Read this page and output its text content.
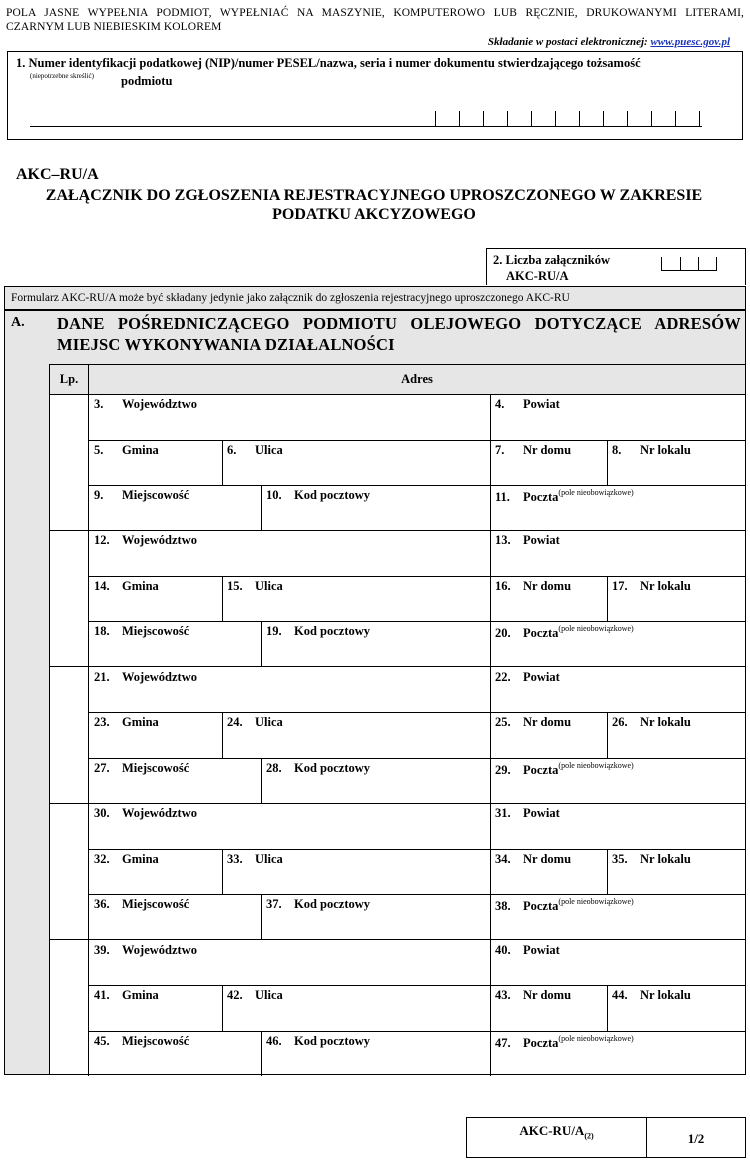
POLA JASNE WYPEŁNIA PODMIOT, WYPEŁNIAĆ NA MASZYNIE, KOMPUTEROWO LUB RĘCZNIE, DRUKOWANYMI LITERAMI, CZARNYM LUB NIEBIESKIM KOLOREM
Składanie w postaci elektronicznej: www.puesc.gov.pl
1. Numer identyfikacji podatkowej (NIP)/numer PESEL/nazwa, seria i numer dokumentu stwierdzającego tożsamość
(niepotrzebne skreślić) podmiotu
AKC–RU/A
ZAŁĄCZNIK DO ZGŁOSZENIA REJESTRACYJNEGO UPROSZCZONEGO W ZAKRESIE PODATKU AKCYZOWEGO
2. Liczba załączników
AKC-RU/A
Formularz AKC-RU/A może być składany jedynie jako załącznik do zgłoszenia rejestracyjnego uproszczonego AKC-RU
A. DANE POŚREDNICZĄCEGO PODMIOTU OLEJOWEGO DOTYCZĄCE ADRESÓW MIEJSC WYKONYWANIA DZIAŁALNOŚCI
Lp.	Adres
3. Województwo	4. Powiat
5. Gmina	6. Ulica	7. Nr domu	8. Nr lokalu
9. Miejscowość	10. Kod pocztowy	11. Poczta$^{(pole nieobowiązkowe)}$
12. Województwo	13. Powiat
14. Gmina	15. Ulica	16. Nr domu	17. Nr lokalu
18. Miejscowość	19. Kod pocztowy	20. Poczta$^{(pole nieobowiązkowe)}$
21. Województwo	22. Powiat
23. Gmina	24. Ulica	25. Nr domu	26. Nr lokalu
27. Miejscowość	28. Kod pocztowy	29. Poczta$^{(pole nieobowiązkowe)}$
30. Województwo	31. Powiat
32. Gmina	33. Ulica	34. Nr domu	35. Nr lokalu
36. Miejscowość	37. Kod pocztowy	38. Poczta$^{(pole nieobowiązkowe)}$
39. Województwo	40. Powiat
41. Gmina	42. Ulica	43. Nr domu	44. Nr lokalu
45. Miejscowość	46. Kod pocztowy	47. Poczta$^{(pole nieobowiązkowe)}$
AKC-$RU/A_{(2)}$	1/2
